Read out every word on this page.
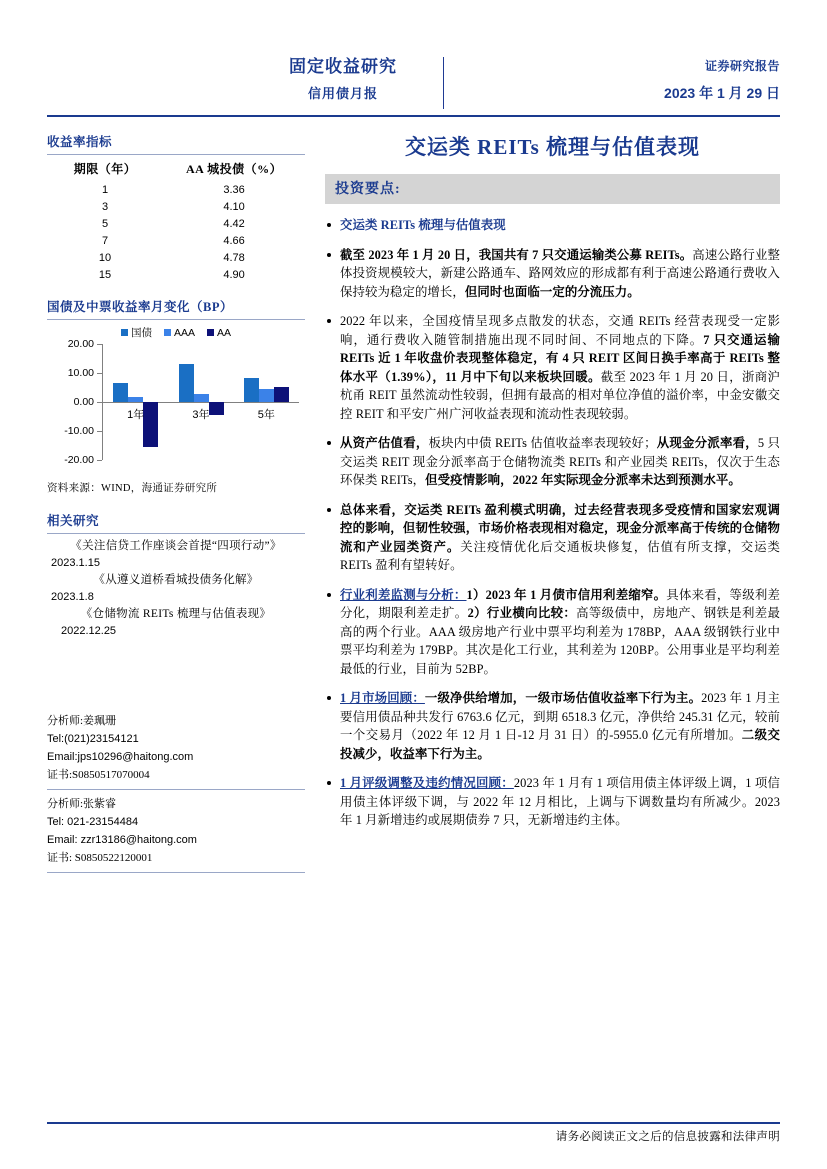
固定收益研究
信用债月报
证券研究报告
2023 年 1 月 29 日
收益率指标
期限（年）	AA 城投债（%）
1	3.36
3	4.10
5	4.42
7	4.66
10	4.78
15	4.90
国债及中票收益率月变化（BP）
国债 AAA AA
20.00
10.00
0.00
-10.00
-20.00
1年	3年	5年
资料来源：WIND，海通证券研究所
相关研究
《关注信贷工作座谈会首提“四项行动”》
2023.1.15
《从遵义道桥看城投债务化解》
2023.1.8
《仓储物流 REITs 梳理与估值表现》
2022.12.25
分析师:姜珮珊
Tel:(021)23154121
Email:jps10296@haitong.com
证书:S0850517070004
分析师:张紫睿
Tel: 021-23154484
Email: zzr13186@haitong.com
证书: S0850522120001
交运类 REITs 梳理与估值表现
投资要点:
交运类 REITs 梳理与估值表现
截至 2023 年 1 月 20 日，我国共有 7 只交通运输类公募 REITs。高速公路行业整体投资规模较大，新建公路通车、路网效应的形成都有利于高速公路通行费收入保持较为稳定的增长，但同时也面临一定的分流压力。
2022 年以来，全国疫情呈现多点散发的状态，交通 REITs 经营表现受一定影响，通行费收入随管制措施出现不同时间、不同地点的下降。7 只交通运输 REITs 近 1 年收盘价表现整体稳定，有 4 只 REIT 区间日换手率高于 REITs 整体水平（1.39%），11 月中下旬以来板块回暖。截至 2023 年 1 月 20 日，浙商沪杭甬 REIT 虽然流动性较弱，但拥有最高的相对单位净值的溢价率，中金安徽交控 REIT 和平安广州广河收益表现和流动性表现较弱。
从资产估值看，板块内中债 REITs 估值收益率表现较好；从现金分派率看，5 只交运类 REIT 现金分派率高于仓储物流类 REITs 和产业园类 REITs，仅次于生态环保类 REITs，但受疫情影响，2022 年实际现金分派率未达到预测水平。
总体来看，交运类 REITs 盈利模式明确，过去经营表现多受疫情和国家宏观调控的影响，但韧性较强，市场价格表现相对稳定，现金分派率高于传统的仓储物流和产业园类资产。关注疫情优化后交通板块修复，估值有所支撑，交运类 REITs 盈利有望转好。
行业利差监测与分析：1）2023 年 1 月债市信用利差缩窄。具体来看，等级利差分化，期限利差走扩。2）行业横向比较：高等级债中，房地产、钢铁是利差最高的两个行业。AAA 级房地产行业中票平均利差为 178BP，AAA 级钢铁行业中票平均利差为 179BP。其次是化工行业，其利差为 120BP。公用事业是平均利差最低的行业，目前为 52BP。
1 月市场回顾：一级净供给增加，一级市场估值收益率下行为主。2023 年 1 月主要信用债品种共发行 6763.6 亿元，到期 6518.3 亿元，净供给 245.31 亿元，较前一个交易月（2022 年 12 月 1 日-12 月 31 日）的-5955.0 亿元有所增加。二级交投减少，收益率下行为主。
1 月评级调整及违约情况回顾：2023 年 1 月有 1 项信用债主体评级上调，1 项信用债主体评级下调，与 2022 年 12 月相比，上调与下调数量均有所减少。2023 年 1 月新增违约或展期债券 7 只，无新增违约主体。
请务必阅读正文之后的信息披露和法律声明
